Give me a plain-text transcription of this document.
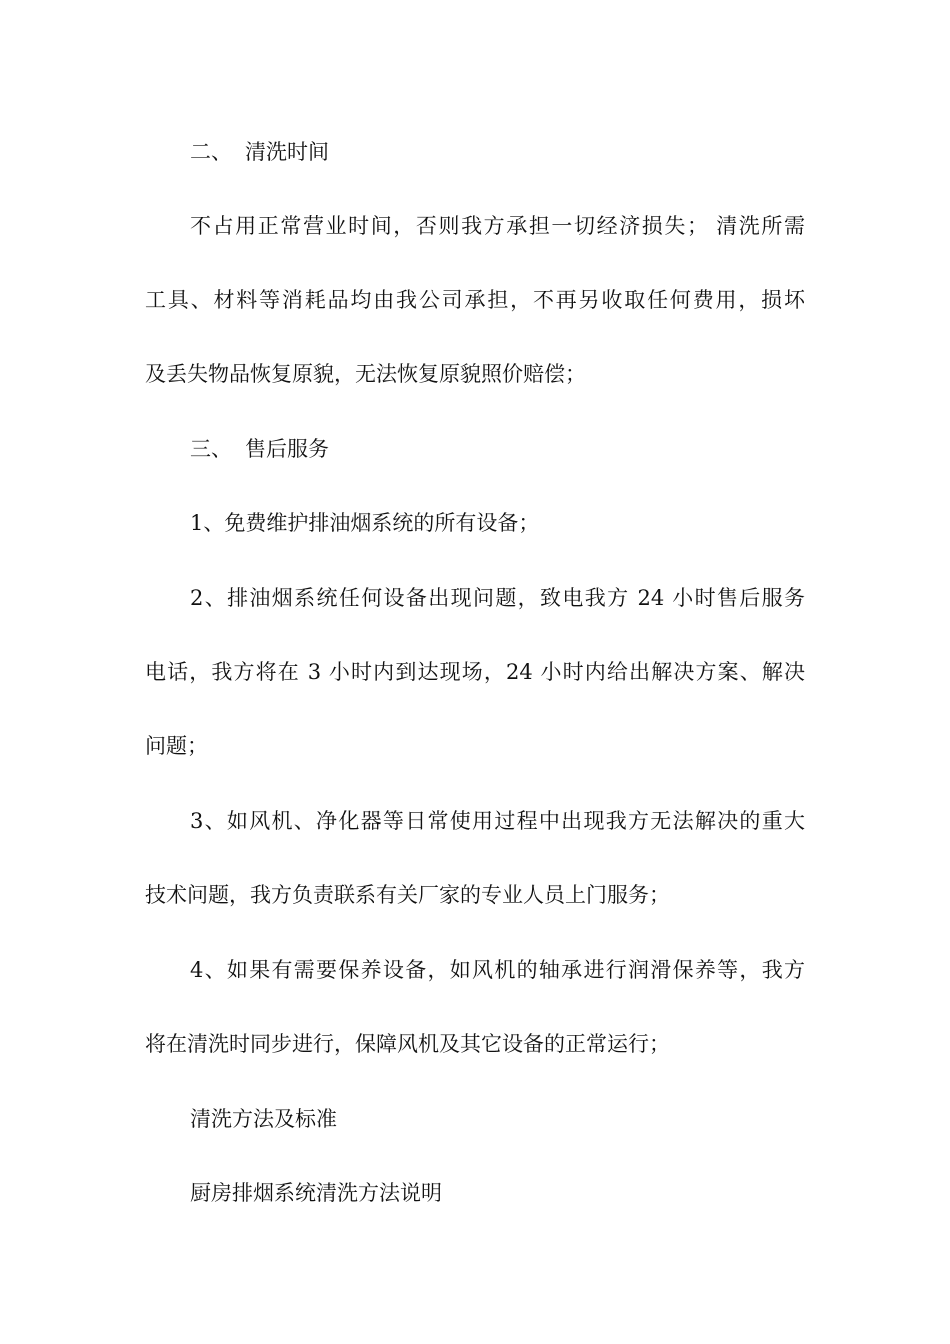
二、 清洗时间
不占用正常营业时间，否则我方承担一切经济损失； 清洗所需
工具、材料等消耗品均由我公司承担，不再另收取任何费用，损坏
及丢失物品恢复原貌，无法恢复原貌照价赔偿；
三、 售后服务
1、免费维护排油烟系统的所有设备；
2、排油烟系统任何设备出现问题，致电我方 24 小时售后服务
电话，我方将在 3 小时内到达现场，24 小时内给出解决方案、解决
问题；
3、如风机、净化器等日常使用过程中出现我方无法解决的重大
技术问题，我方负责联系有关厂家的专业人员上门服务；
4、如果有需要保养设备，如风机的轴承进行润滑保养等，我方
将在清洗时同步进行，保障风机及其它设备的正常运行；
清洗方法及标准
厨房排烟系统清洗方法说明
